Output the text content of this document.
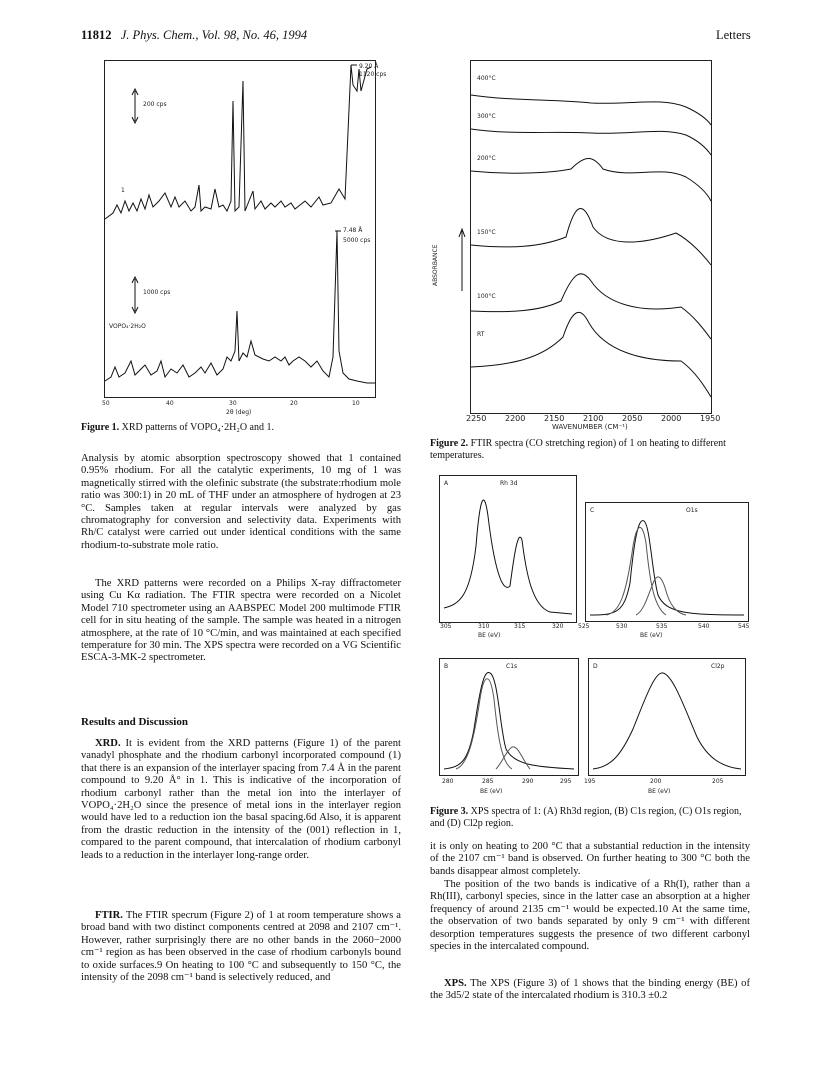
11812 J. Phys. Chem., Vol. 98, No. 46, 1994	Letters
200 cps
9.20 Å
1120 cps
1
1000 cps
7.48 Å
5000 cps
VOPO₄·2H₂O
50	40	30	20	10
2θ (deg)
Figure 1. XRD patterns of VOPO₄·2H₂O and 1.
400°C
300°C
200°C
150°C
100°C
RT
ABSORBANCE
2250 2200 2150 2100 2050 2000 1950
WAVENUMBER (CM⁻¹)
Figure 2. FTIR spectra (CO stretching region) of 1 on heating to different temperatures.
A	Rh 3d
305	310	315	320
BE (eV)
C	O1s
525	530	535	540	545
BE (eV)
B	C1s
280	285	290	295
BE (eV)
D	Cl2p
195	200	205
BE (eV)
Figure 3. XPS spectra of 1: (A) Rh3d region, (B) C1s region, (C) O1s region, and (D) Cl2p region.

Analysis by atomic absorption spectroscopy showed that 1 contained 0.95% rhodium. For all the catalytic experiments, 10 mg of 1 was magnetically stirred with the olefinic substrate (the substrate:rhodium mole ratio was 300:1) in 20 mL of THF under an atmosphere of hydrogen at 23 °C. Samples taken at regular intervals were analyzed by gas chromatography for conversion and selectivity data. Experiments with Rh/C catalyst were carried out under identical conditions with the same rhodium-to-substrate mole ratio.

The XRD patterns were recorded on a Philips X-ray diffractometer using Cu Kα radiation. The FTIR spectra were recorded on a Nicolet Model 710 spectrometer using an AABSPEC Model 200 multimode FTIR cell for in situ heating of the sample. The sample was heated in a nitrogen atmosphere, at the rate of 10 °C/min, and was maintained at each specified temperature for 30 min. The XPS spectra were recorded on a VG Scientific ESCA-3-MK-2 spectrometer.

Results and Discussion

XRD. It is evident from the XRD patterns (Figure 1) of the parent vanadyl phosphate and the rhodium carbonyl incorporated compound (1) that there is an expansion of the interlayer spacing from 7.4 Å in the parent compound to 9.20 Å° in 1. This is indicative of the incorporation of rhodium carbonyl rather than the metal ion into the interlayer of VOPO₄·2H₂O since the presence of metal ions in the interlayer region would have led to a reduction ion the basal spacing.6d Also, it is apparent from the drastic reduction in the intensity of the (001) reflection in 1, compared to the parent compound, that intercalation of rhodium carbonyl leads to a reduction in the interlayer long-range order.

FTIR. The FTIR specrum (Figure 2) of 1 at room temperature shows a broad band with two distinct components centred at 2098 and 2107 cm⁻¹. However, rather surprisingly there are no other bands in the 2060−2000 cm⁻¹ region as has been observed in the case of rhodium carbonyls bound to oxide surfaces.9 On heating to 100 °C and subsequently to 150 °C, the intensity of the 2098 cm⁻¹ band is selectively reduced, and

it is only on heating to 200 °C that a substantial reduction in the intensity of the 2107 cm⁻¹ band is observed. On further heating to 300 °C both the bands disappear almost completely.

The position of the two bands is indicative of a Rh(I), rather than a Rh(III), carbonyl species, since in the latter case an absorption at a higher frequency of around 2135 cm⁻¹ would be expected.10 At the same time, the observation of two bands separated by only 9 cm⁻¹ with different desorption temperatures suggests the presence of two different carbonyl species in the intercalated compound.

XPS. The XPS (Figure 3) of 1 shows that the binding energy (BE) of the 3d5/2 state of the intercalated rhodium is 310.3 ±0.2
